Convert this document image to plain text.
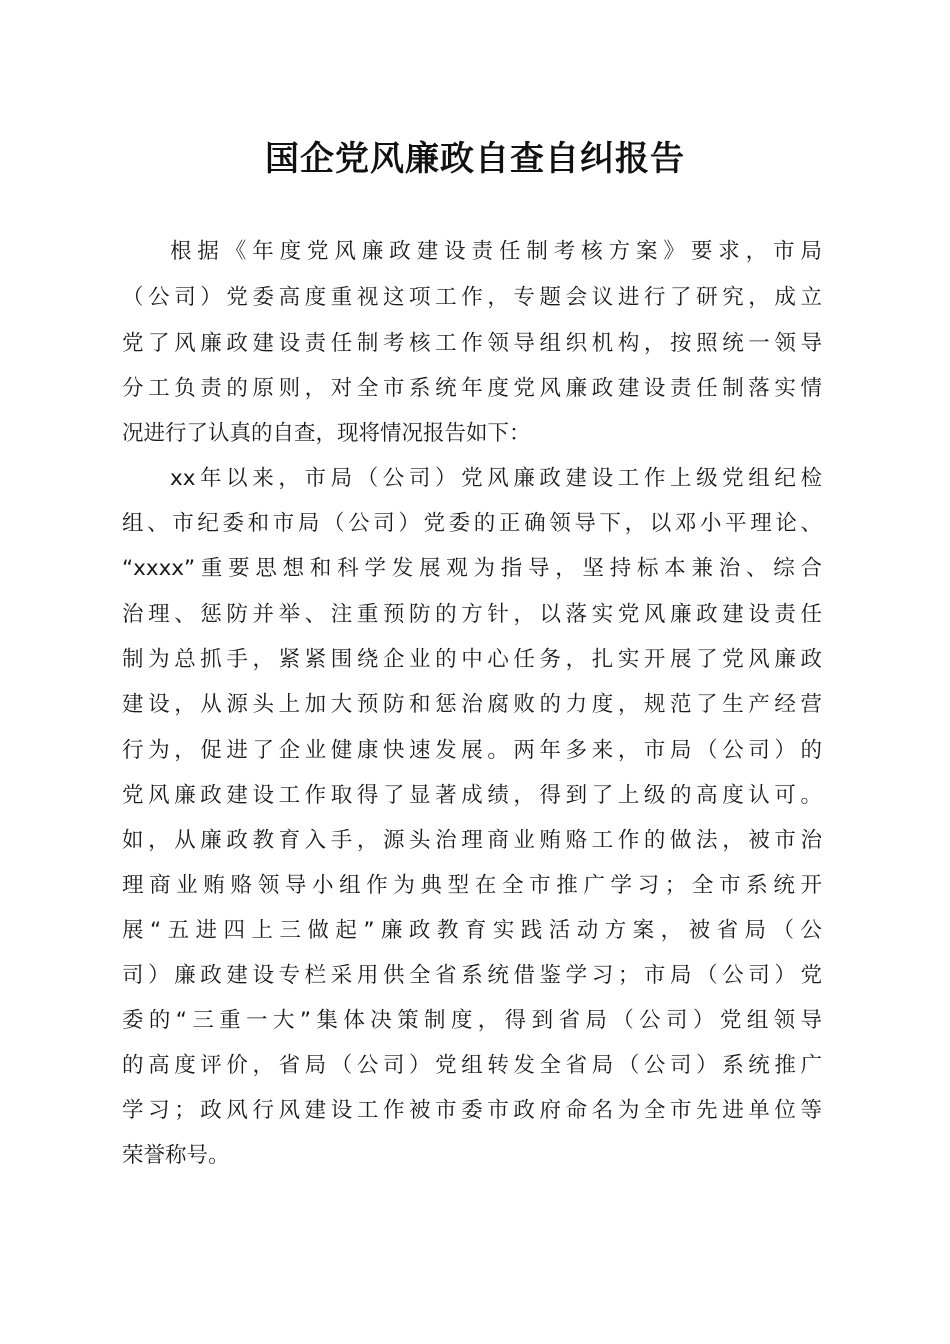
国企党风廉政自查自纠报告
根据《年度党风廉政建设责任制考核方案》要求，市局
（公司）党委高度重视这项工作，专题会议进行了研究，成立
党了风廉政建设责任制考核工作领导组织机构，按照统一领导
分工负责的原则，对全市系统年度党风廉政建设责任制落实情
况进行了认真的自查，现将情况报告如下：
xx年以来，市局（公司）党风廉政建设工作上级党组纪检
组、市纪委和市局（公司）党委的正确领导下，以邓小平理论、
“xxxx”重要思想和科学发展观为指导，坚持标本兼治、综合
治理、惩防并举、注重预防的方针，以落实党风廉政建设责任
制为总抓手，紧紧围绕企业的中心任务，扎实开展了党风廉政
建设，从源头上加大预防和惩治腐败的力度，规范了生产经营
行为，促进了企业健康快速发展。两年多来，市局（公司）的
党风廉政建设工作取得了显著成绩，得到了上级的高度认可。
如，从廉政教育入手，源头治理商业贿赂工作的做法，被市治
理商业贿赂领导小组作为典型在全市推广学习；全市系统开
展“五进四上三做起”廉政教育实践活动方案，被省局（公
司）廉政建设专栏采用供全省系统借鉴学习；市局（公司）党
委的“三重一大”集体决策制度，得到省局（公司）党组领导
的高度评价，省局（公司）党组转发全省局（公司）系统推广
学习；政风行风建设工作被市委市政府命名为全市先进单位等
荣誉称号。
